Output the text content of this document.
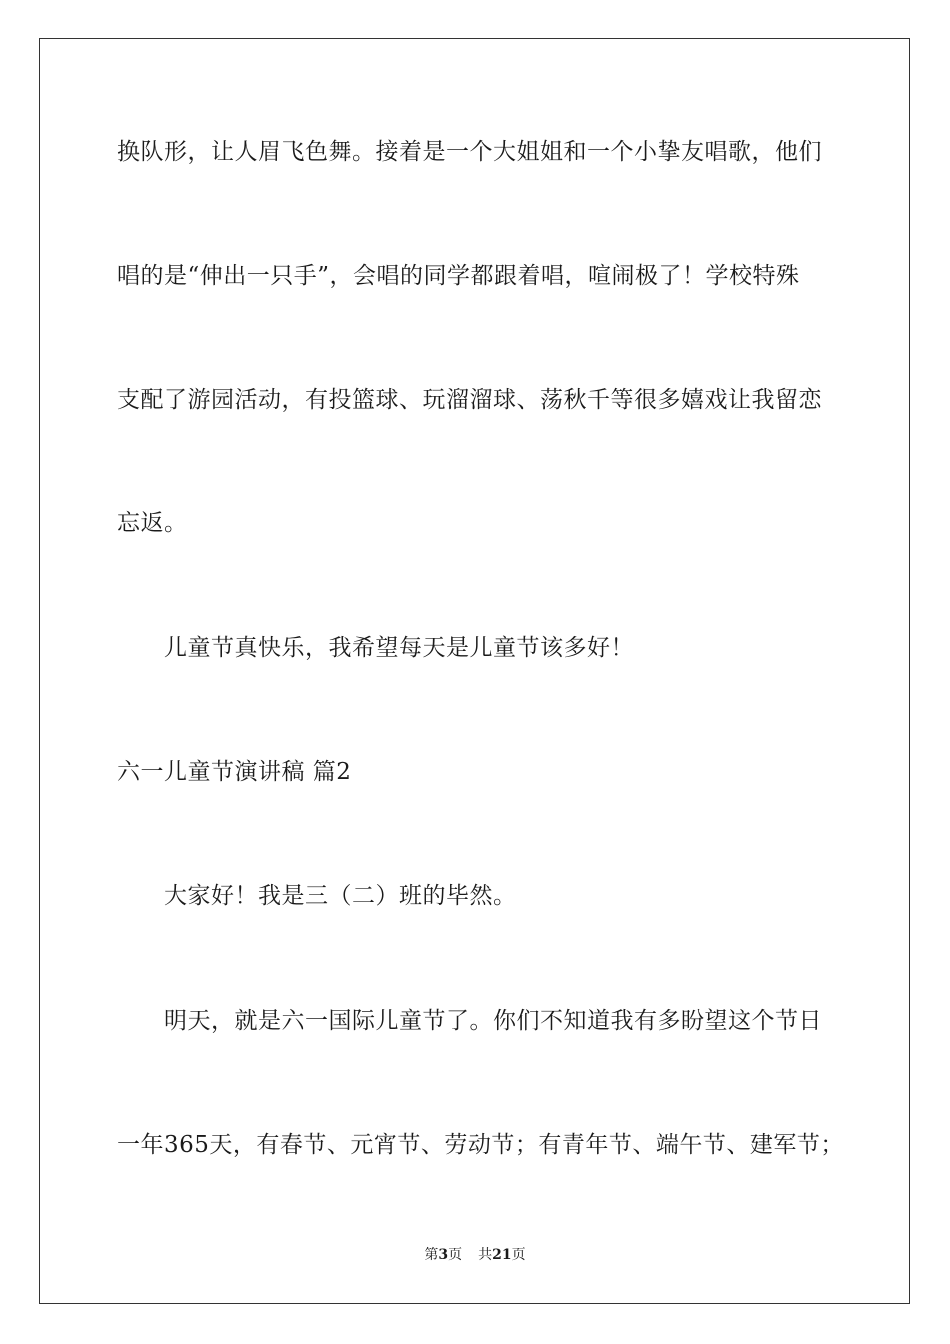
换队形，让人眉飞色舞。接着是一个大姐姐和一个小挚友唱歌，他们
唱的是“伸出一只手”，会唱的同学都跟着唱，喧闹极了！学校特殊
支配了游园活动，有投篮球、玩溜溜球、荡秋千等很多嬉戏让我留恋
忘返。
儿童节真快乐，我希望每天是儿童节该多好！
六一儿童节演讲稿 篇2
大家好！我是三（二）班的毕然。
明天，就是六一国际儿童节了。你们不知道我有多盼望这个节日
一年365天，有春节、元宵节、劳动节；有青年节、端午节、建军节；
第3页 共21页
